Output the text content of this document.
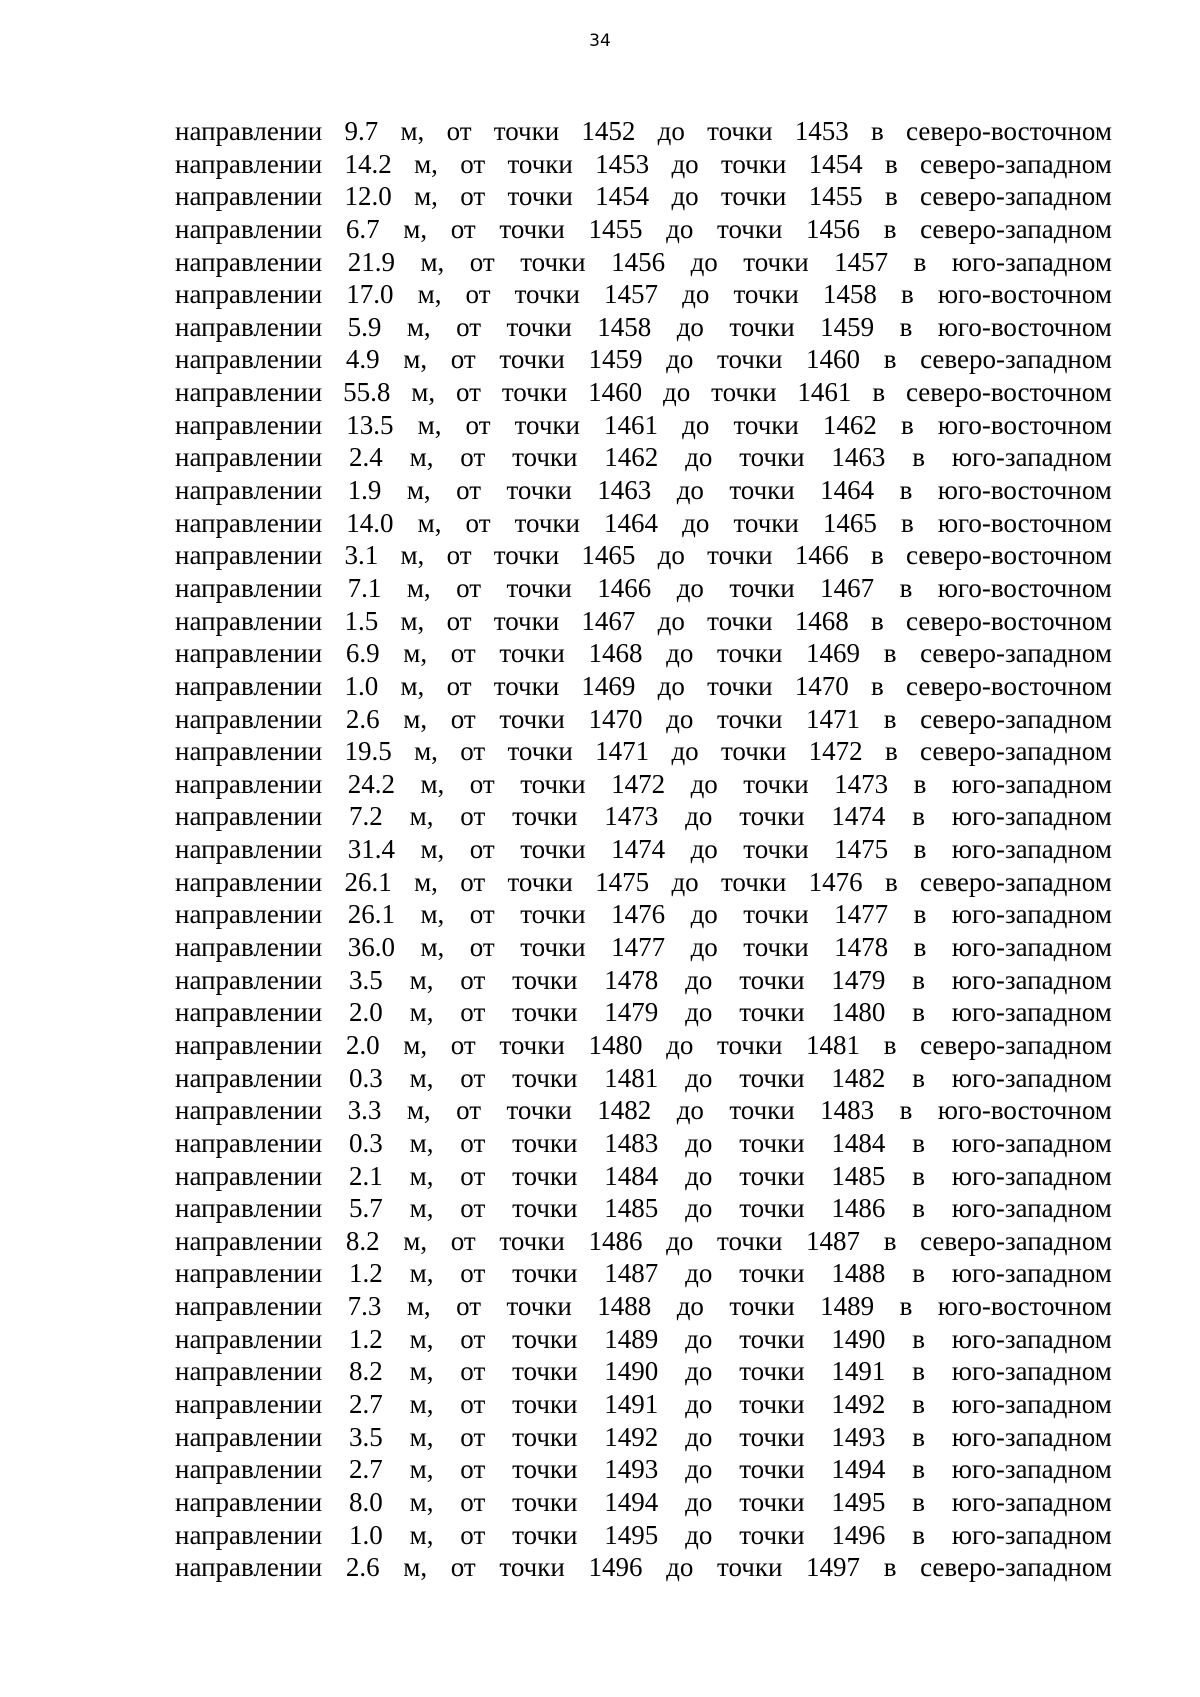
34
направлении 9.7 м, от точки 1452 до точки 1453 в северо-восточном
направлении 14.2 м, от точки 1453 до точки 1454 в северо-западном
направлении 12.0 м, от точки 1454 до точки 1455 в северо-западном
направлении 6.7 м, от точки 1455 до точки 1456 в северо-западном
направлении 21.9 м, от точки 1456 до точки 1457 в юго-западном
направлении 17.0 м, от точки 1457 до точки 1458 в юго-восточном
направлении 5.9 м, от точки 1458 до точки 1459 в юго-восточном
направлении 4.9 м, от точки 1459 до точки 1460 в северо-западном
направлении 55.8 м, от точки 1460 до точки 1461 в северо-восточном
направлении 13.5 м, от точки 1461 до точки 1462 в юго-восточном
направлении 2.4 м, от точки 1462 до точки 1463 в юго-западном
направлении 1.9 м, от точки 1463 до точки 1464 в юго-восточном
направлении 14.0 м, от точки 1464 до точки 1465 в юго-восточном
направлении 3.1 м, от точки 1465 до точки 1466 в северо-восточном
направлении 7.1 м, от точки 1466 до точки 1467 в юго-восточном
направлении 1.5 м, от точки 1467 до точки 1468 в северо-восточном
направлении 6.9 м, от точки 1468 до точки 1469 в северо-западном
направлении 1.0 м, от точки 1469 до точки 1470 в северо-восточном
направлении 2.6 м, от точки 1470 до точки 1471 в северо-западном
направлении 19.5 м, от точки 1471 до точки 1472 в северо-западном
направлении 24.2 м, от точки 1472 до точки 1473 в юго-западном
направлении 7.2 м, от точки 1473 до точки 1474 в юго-западном
направлении 31.4 м, от точки 1474 до точки 1475 в юго-западном
направлении 26.1 м, от точки 1475 до точки 1476 в северо-западном
направлении 26.1 м, от точки 1476 до точки 1477 в юго-западном
направлении 36.0 м, от точки 1477 до точки 1478 в юго-западном
направлении 3.5 м, от точки 1478 до точки 1479 в юго-западном
направлении 2.0 м, от точки 1479 до точки 1480 в юго-западном
направлении 2.0 м, от точки 1480 до точки 1481 в северо-западном
направлении 0.3 м, от точки 1481 до точки 1482 в юго-западном
направлении 3.3 м, от точки 1482 до точки 1483 в юго-восточном
направлении 0.3 м, от точки 1483 до точки 1484 в юго-западном
направлении 2.1 м, от точки 1484 до точки 1485 в юго-западном
направлении 5.7 м, от точки 1485 до точки 1486 в юго-западном
направлении 8.2 м, от точки 1486 до точки 1487 в северо-западном
направлении 1.2 м, от точки 1487 до точки 1488 в юго-западном
направлении 7.3 м, от точки 1488 до точки 1489 в юго-восточном
направлении 1.2 м, от точки 1489 до точки 1490 в юго-западном
направлении 8.2 м, от точки 1490 до точки 1491 в юго-западном
направлении 2.7 м, от точки 1491 до точки 1492 в юго-западном
направлении 3.5 м, от точки 1492 до точки 1493 в юго-западном
направлении 2.7 м, от точки 1493 до точки 1494 в юго-западном
направлении 8.0 м, от точки 1494 до точки 1495 в юго-западном
направлении 1.0 м, от точки 1495 до точки 1496 в юго-западном
направлении 2.6 м, от точки 1496 до точки 1497 в северо-западном
